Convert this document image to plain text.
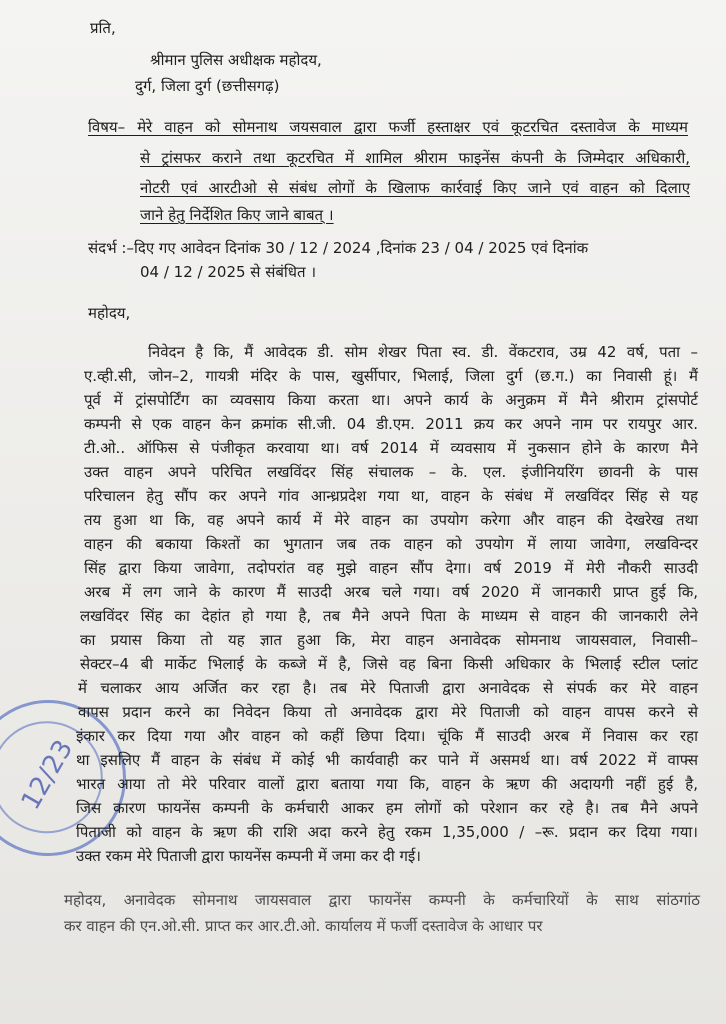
12/23
प्रति,
श्रीमान पुलिस अधीक्षक महोदय,
दुर्ग, जिला दुर्ग (छत्तीसगढ़)
विषय– मेरे वाहन को सोमनाथ जयसवाल द्वारा फर्जी हस्ताक्षर एवं कूटरचित दस्तावेज के माध्यम
से ट्रांसफर कराने तथा कूटरचित में शामिल श्रीराम फाइनेंस कंपनी के जिम्मेदार अधिकारी,
नोटरी एवं आरटीओ से संबंध लोगों के खिलाफ कार्रवाई किए जाने एवं वाहन को दिलाए
जाने हेतु निर्देशित किए जाने बाबत् ।
संदर्भ :–दिए गए आवेदन दिनांक 30 / 12 / 2024 ,दिनांक 23 / 04 / 2025 एवं दिनांक
04 / 12 / 2025 से संबंधित ।
महोदय,
निवेदन है कि, मैं आवेदक डी. सोम शेखर पिता स्व. डी. वेंकटराव, उम्र 42 वर्ष, पता –
ए.व्ही.सी, जोन–2, गायत्री मंदिर के पास, खुर्सीपार, भिलाई, जिला दुर्ग (छ.ग.) का निवासी हूं। मैं
पूर्व में ट्रांसपोर्टिंग का व्यवसाय किया करता था। अपने कार्य के अनुक्रम में मैने श्रीराम ट्रांसपोर्ट
कम्पनी से एक वाहन केन क्रमांक सी.जी. 04 डी.एम. 2011 क्रय कर अपने नाम पर रायपुर आर.
टी.ओ.. ऑफिस से पंजीकृत करवाया था। वर्ष 2014 में व्यवसाय में नुकसान होने के कारण मैने
उक्त वाहन अपने परिचित लखविंदर सिंह संचालक – के. एल. इंजीनियरिंग छावनी के पास
परिचालन हेतु सौंप कर अपने गांव आन्ध्रप्रदेश गया था, वाहन के संबंध में लखविंदर सिंह से यह
तय हुआ था कि, वह अपने कार्य में मेरे वाहन का उपयोग करेगा और वाहन की देखरेख तथा
वाहन की बकाया किश्तों का भुगतान जब तक वाहन को उपयोग में लाया जावेगा, लखविन्दर
सिंह द्वारा किया जावेगा, तदोपरांत वह मुझे वाहन सौंप देगा। वर्ष 2019 में मेरी नौकरी साउदी
अरब में लग जाने के कारण मैं साउदी अरब चले गया। वर्ष 2020 में जानकारी प्राप्त हुई कि,
लखविंदर सिंह का देहांत हो गया है, तब मैने अपने पिता के माध्यम से वाहन की जानकारी लेने
का प्रयास किया तो यह ज्ञात हुआ कि, मेरा वाहन अनावेदक सोमनाथ जायसवाल, निवासी–
सेक्टर–4 बी मार्केट भिलाई के कब्जे में है, जिसे वह बिना किसी अधिकार के भिलाई स्टील प्लांट
में चलाकर आय अर्जित कर रहा है। तब मेरे पिताजी द्वारा अनावेदक से संपर्क कर मेरे वाहन
वापस प्रदान करने का निवेदन किया तो अनावेदक द्वारा मेरे पिताजी को वाहन वापस करने से
इंकार कर दिया गया और वाहन को कहीं छिपा दिया। चूंकि मैं साउदी अरब में निवास कर रहा
था इसलिए मैं वाहन के संबंध में कोई भी कार्यवाही कर पाने में असमर्थ था। वर्ष 2022 में वाफ्स
भारत आया तो मेरे परिवार वालों द्वारा बताया गया कि, वाहन के ऋण की अदायगी नहीं हुई है,
जिस कारण फायनेंस कम्पनी के कर्मचारी आकर हम लोगों को परेशान कर रहे है। तब मैने अपने
पिताजी को वाहन के ऋण की राशि अदा करने हेतु रकम 1,35,000 / –रू. प्रदान कर दिया गया।
उक्त रकम मेरे पिताजी द्वारा फायनेंस कम्पनी में जमा कर दी गई।
महोदय, अनावेदक सोमनाथ जायसवाल द्वारा फायनेंस कम्पनी के कर्मचारियों के साथ सांठगांठ
कर वाहन की एन.ओ.सी. प्राप्त कर आर.टी.ओ. कार्यालय में फर्जी दस्तावेज के आधार पर
